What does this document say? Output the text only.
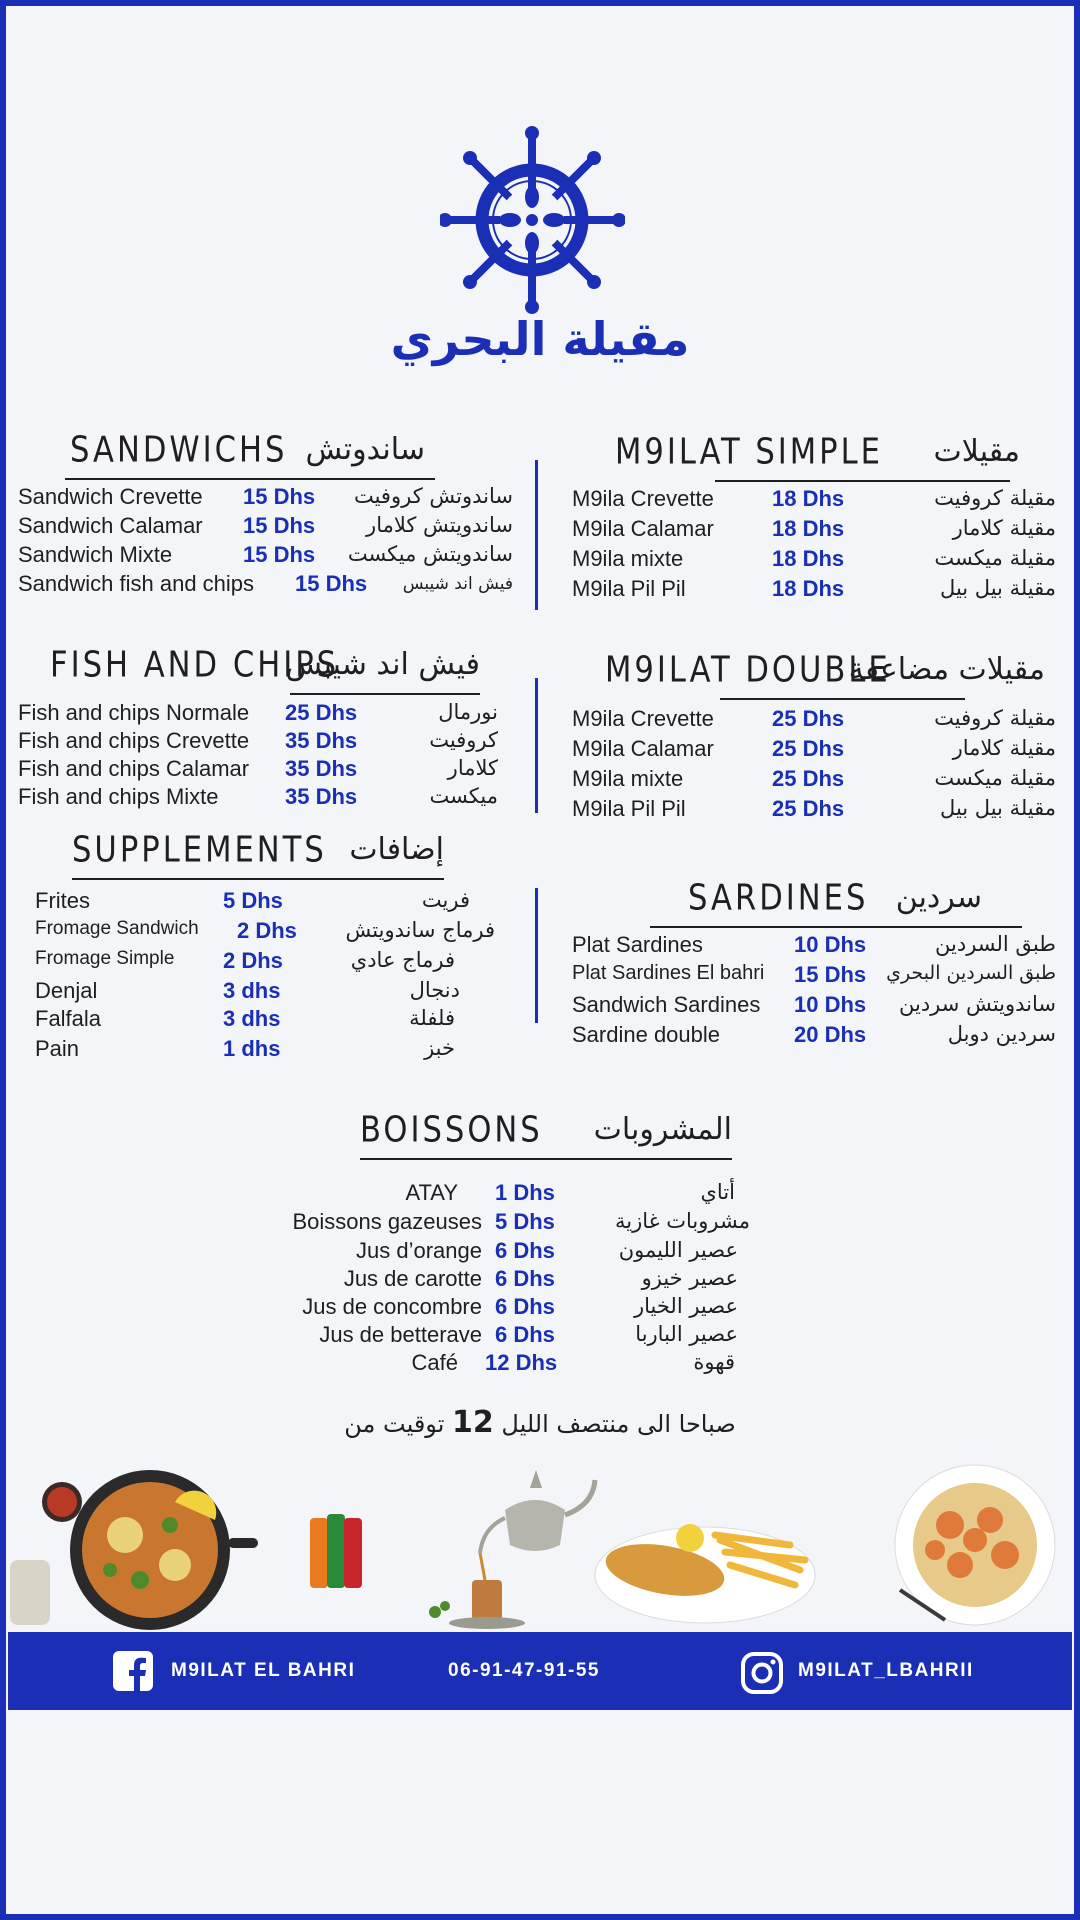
مقيلة البحري
SANDWICHS ساندوتش
Sandwich Crevette 15 Dhs ساندوتش كروفيت
Sandwich Calamar 15 Dhs ساندويتش كلامار
Sandwich Mixte	15 Dhs ساندويتش ميكست
Sandwich fish and chips 15 Dhs فيش اند شيبس
M9ILAT SIMPLE مقيلات
M9ila Crevette	18 Dhs	مقيلة كروفيت
M9ila Calamar	18 Dhs	مقيلة كلامار
M9ila mixte	18 Dhs	مقيلة ميكست
M9ila Pil Pil	18 Dhs	مقيلة بيل بيل
FISH AND CHIPS
فيش اند شيبس
Fish and chips Normale 25 Dhs	نورمال
Fish and chips Crevette 35 Dhs	كروفيت
Fish and chips Calamar 35 Dhs	كلامار
Fish and chips Mixte	35 Dhs	ميكست
M9ILAT DOUBLE
مقيلات مضاعفة
M9ila Crevette	25 Dhs	مقيلة كروفيت
M9ila Calamar	25 Dhs	مقيلة كلامار
M9ila mixte	25 Dhs	مقيلة ميكست
M9ila Pil Pil	25 Dhs	مقيلة بيل بيل
SUPPLEMENTS إضافات
Frites	5 Dhs	فريت
Fromage Sandwich 2 Dhs فرماج ساندويتش
Fromage Simple 2 Dhs	فرماج عادي
Denjal	3 dhs	دنجال
Falfala	3 dhs	فلفلة
Pain	1 dhs	خبز
SARDINES سردين
Plat Sardines	10 Dhs	طبق السردين
Plat Sardines El bahri 15 Dhs طبق السردين البحري
Sandwich Sardines 10 Dhs ساندويتش سردين
Sardine double	20 Dhs	سردين دوبل
BOISSONS المشروبات
ATAY 1 Dhs	أتاي
Boissons gazeuses 5 Dhs	مشروبات غازية
Jus d’orange 6 Dhs	عصير الليمون
Jus de carotte 6 Dhs	عصير خيزو
Jus de concombre 6 Dhs	عصير الخيار
Jus de betterave 6 Dhs	عصير الباربا
Café 12 Dhs	قهوة
صباحا الى منتصف الليل 12 توقيت من
M9ILAT EL BAHRI	06-91-47-91-55	M9ILAT_LBAHRII
